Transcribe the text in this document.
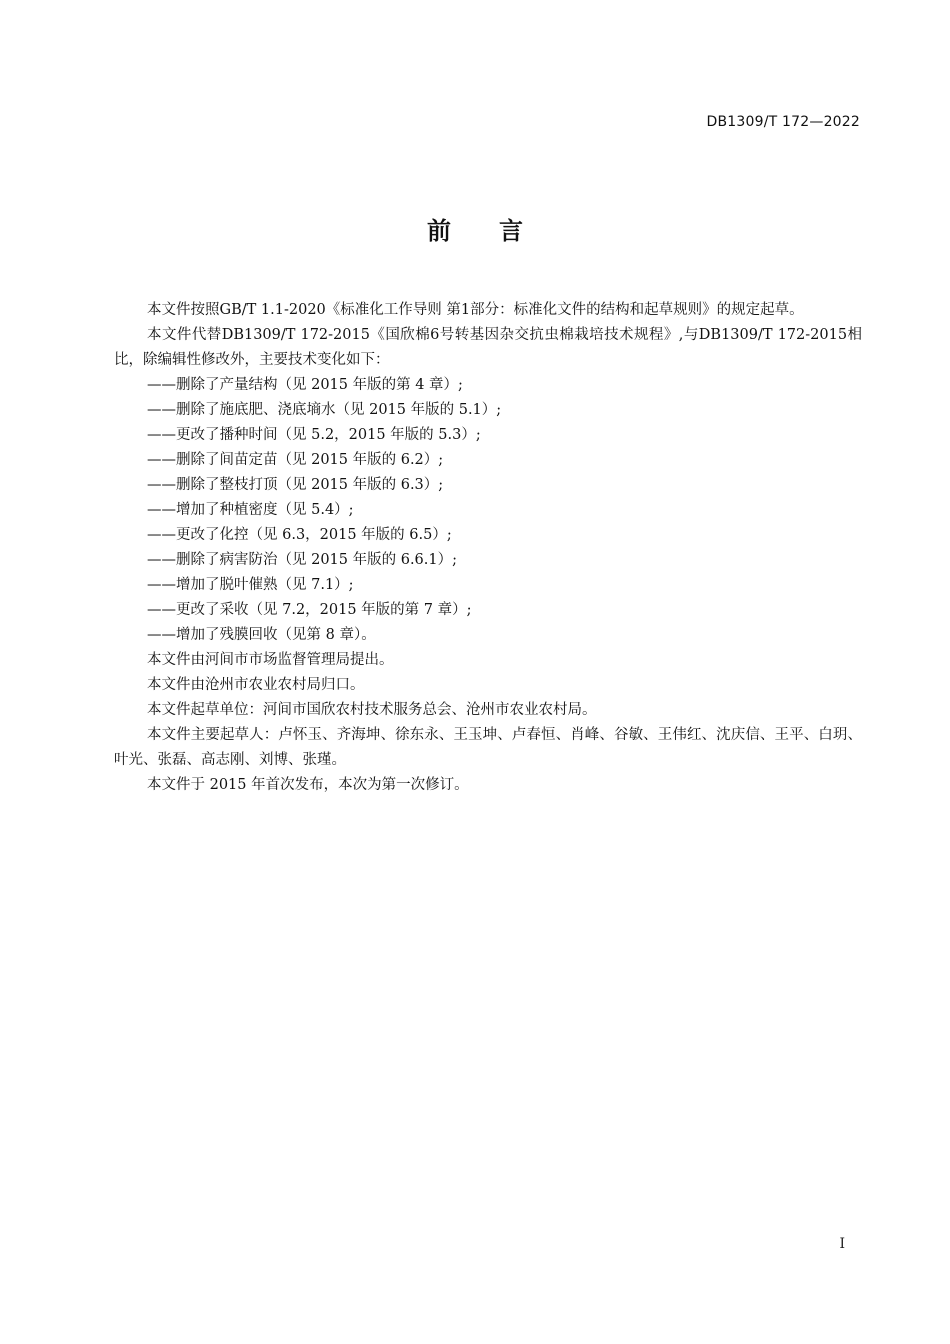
DB1309/T 172—2022
前言

本文件按照GB/T 1.1-2020《标准化工作导则 第1部分：标准化文件的结构和起草规则》的规定起草。

本文件代替DB1309/T 172-2015《国欣棉6号转基因杂交抗虫棉栽培技术规程》,与DB1309/T 172-2015相比，除编辑性修改外，主要技术变化如下：

——删除了产量结构（见 2015 年版的第 4 章）;
——删除了施底肥、浇底墒水（见 2015 年版的 5.1）;
——更改了播种时间（见 5.2，2015 年版的 5.3）;
——删除了间苗定苗（见 2015 年版的 6.2）;
——删除了整枝打顶（见 2015 年版的 6.3）;
——增加了种植密度（见 5.4）;
——更改了化控（见 6.3，2015 年版的 6.5）;
——删除了病害防治（见 2015 年版的 6.6.1）;
——增加了脱叶催熟（见 7.1）;
——更改了采收（见 7.2，2015 年版的第 7 章）;
——增加了残膜回收（见第 8 章）。

本文件由河间市市场监督管理局提出。

本文件由沧州市农业农村局归口。

本文件起草单位：河间市国欣农村技术服务总会、沧州市农业农村局。

本文件主要起草人：卢怀玉、齐海坤、徐东永、王玉坤、卢春恒、肖峰、谷敏、王伟红、沈庆信、王平、白玥、叶光、张磊、高志刚、刘博、张瑾。

本文件于 2015 年首次发布，本次为第一次修订。

I
